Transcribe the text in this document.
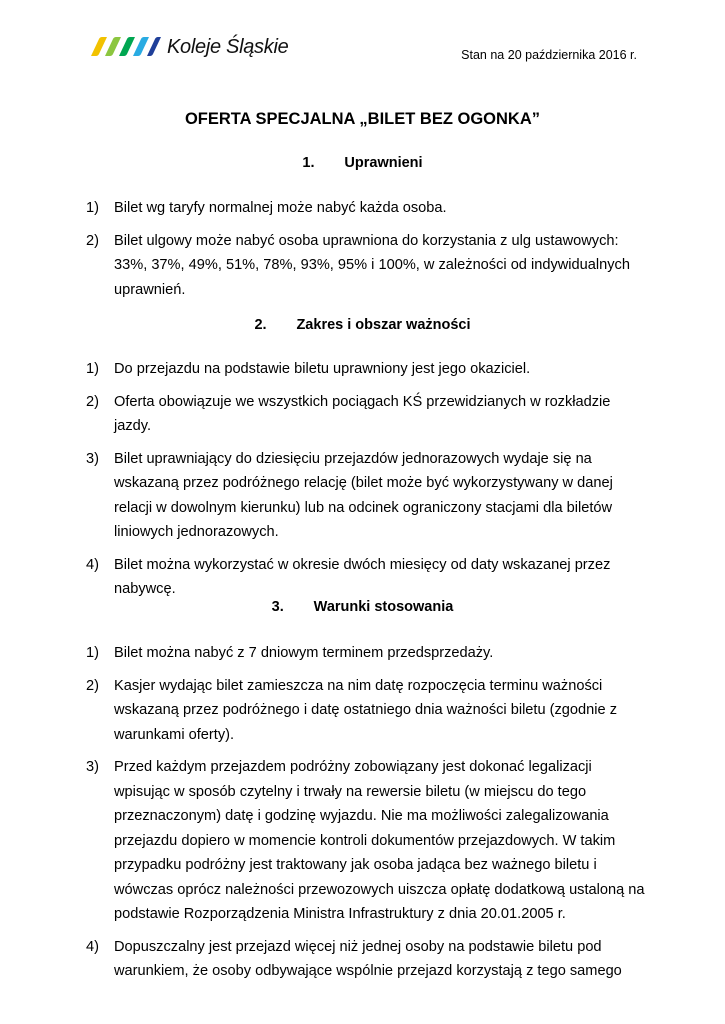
Koleje Śląskie	Stan na 20 października 2016 r.
OFERTA SPECJALNA „BILET BEZ OGONKA”
1. Uprawnieni
1) Bilet wg taryfy normalnej może nabyć każda osoba.
2) Bilet ulgowy może nabyć osoba uprawniona do korzystania z ulg ustawowych: 33%, 37%, 49%, 51%, 78%, 93%, 95% i 100%, w zależności od indywidualnych uprawnień.
2. Zakres i obszar ważności
1) Do przejazdu na podstawie biletu uprawniony jest jego okaziciel.
2) Oferta obowiązuje we wszystkich pociągach KŚ przewidzianych w rozkładzie jazdy.
3) Bilet uprawniający do dziesięciu przejazdów jednorazowych wydaje się na wskazaną przez podróżnego relację (bilet może być wykorzystywany w danej relacji w dowolnym kierunku) lub na odcinek ograniczony stacjami dla biletów liniowych jednorazowych.
4) Bilet można wykorzystać w okresie dwóch miesięcy od daty wskazanej przez nabywcę.
3. Warunki stosowania
1) Bilet można nabyć z 7 dniowym terminem przedsprzedaży.
2) Kasjer wydając bilet zamieszcza na nim datę rozpoczęcia terminu ważności wskazaną przez podróżnego i datę ostatniego dnia ważności biletu (zgodnie z warunkami oferty).
3) Przed każdym przejazdem podróżny zobowiązany jest dokonać legalizacji wpisując w sposób czytelny i trwały na rewersie biletu (w miejscu do tego przeznaczonym) datę i godzinę wyjazdu. Nie ma możliwości zalegalizowania przejazdu dopiero w momencie kontroli dokumentów przejazdowych. W takim przypadku podróżny jest traktowany jak osoba jadąca bez ważnego biletu i wówczas oprócz należności przewozowych uiszcza opłatę dodatkową ustaloną na podstawie Rozporządzenia Ministra Infrastruktury z dnia 20.01.2005 r.
4) Dopuszczalny jest przejazd więcej niż jednej osoby na podstawie biletu pod warunkiem, że osoby odbywające wspólnie przejazd korzystają z tego samego
